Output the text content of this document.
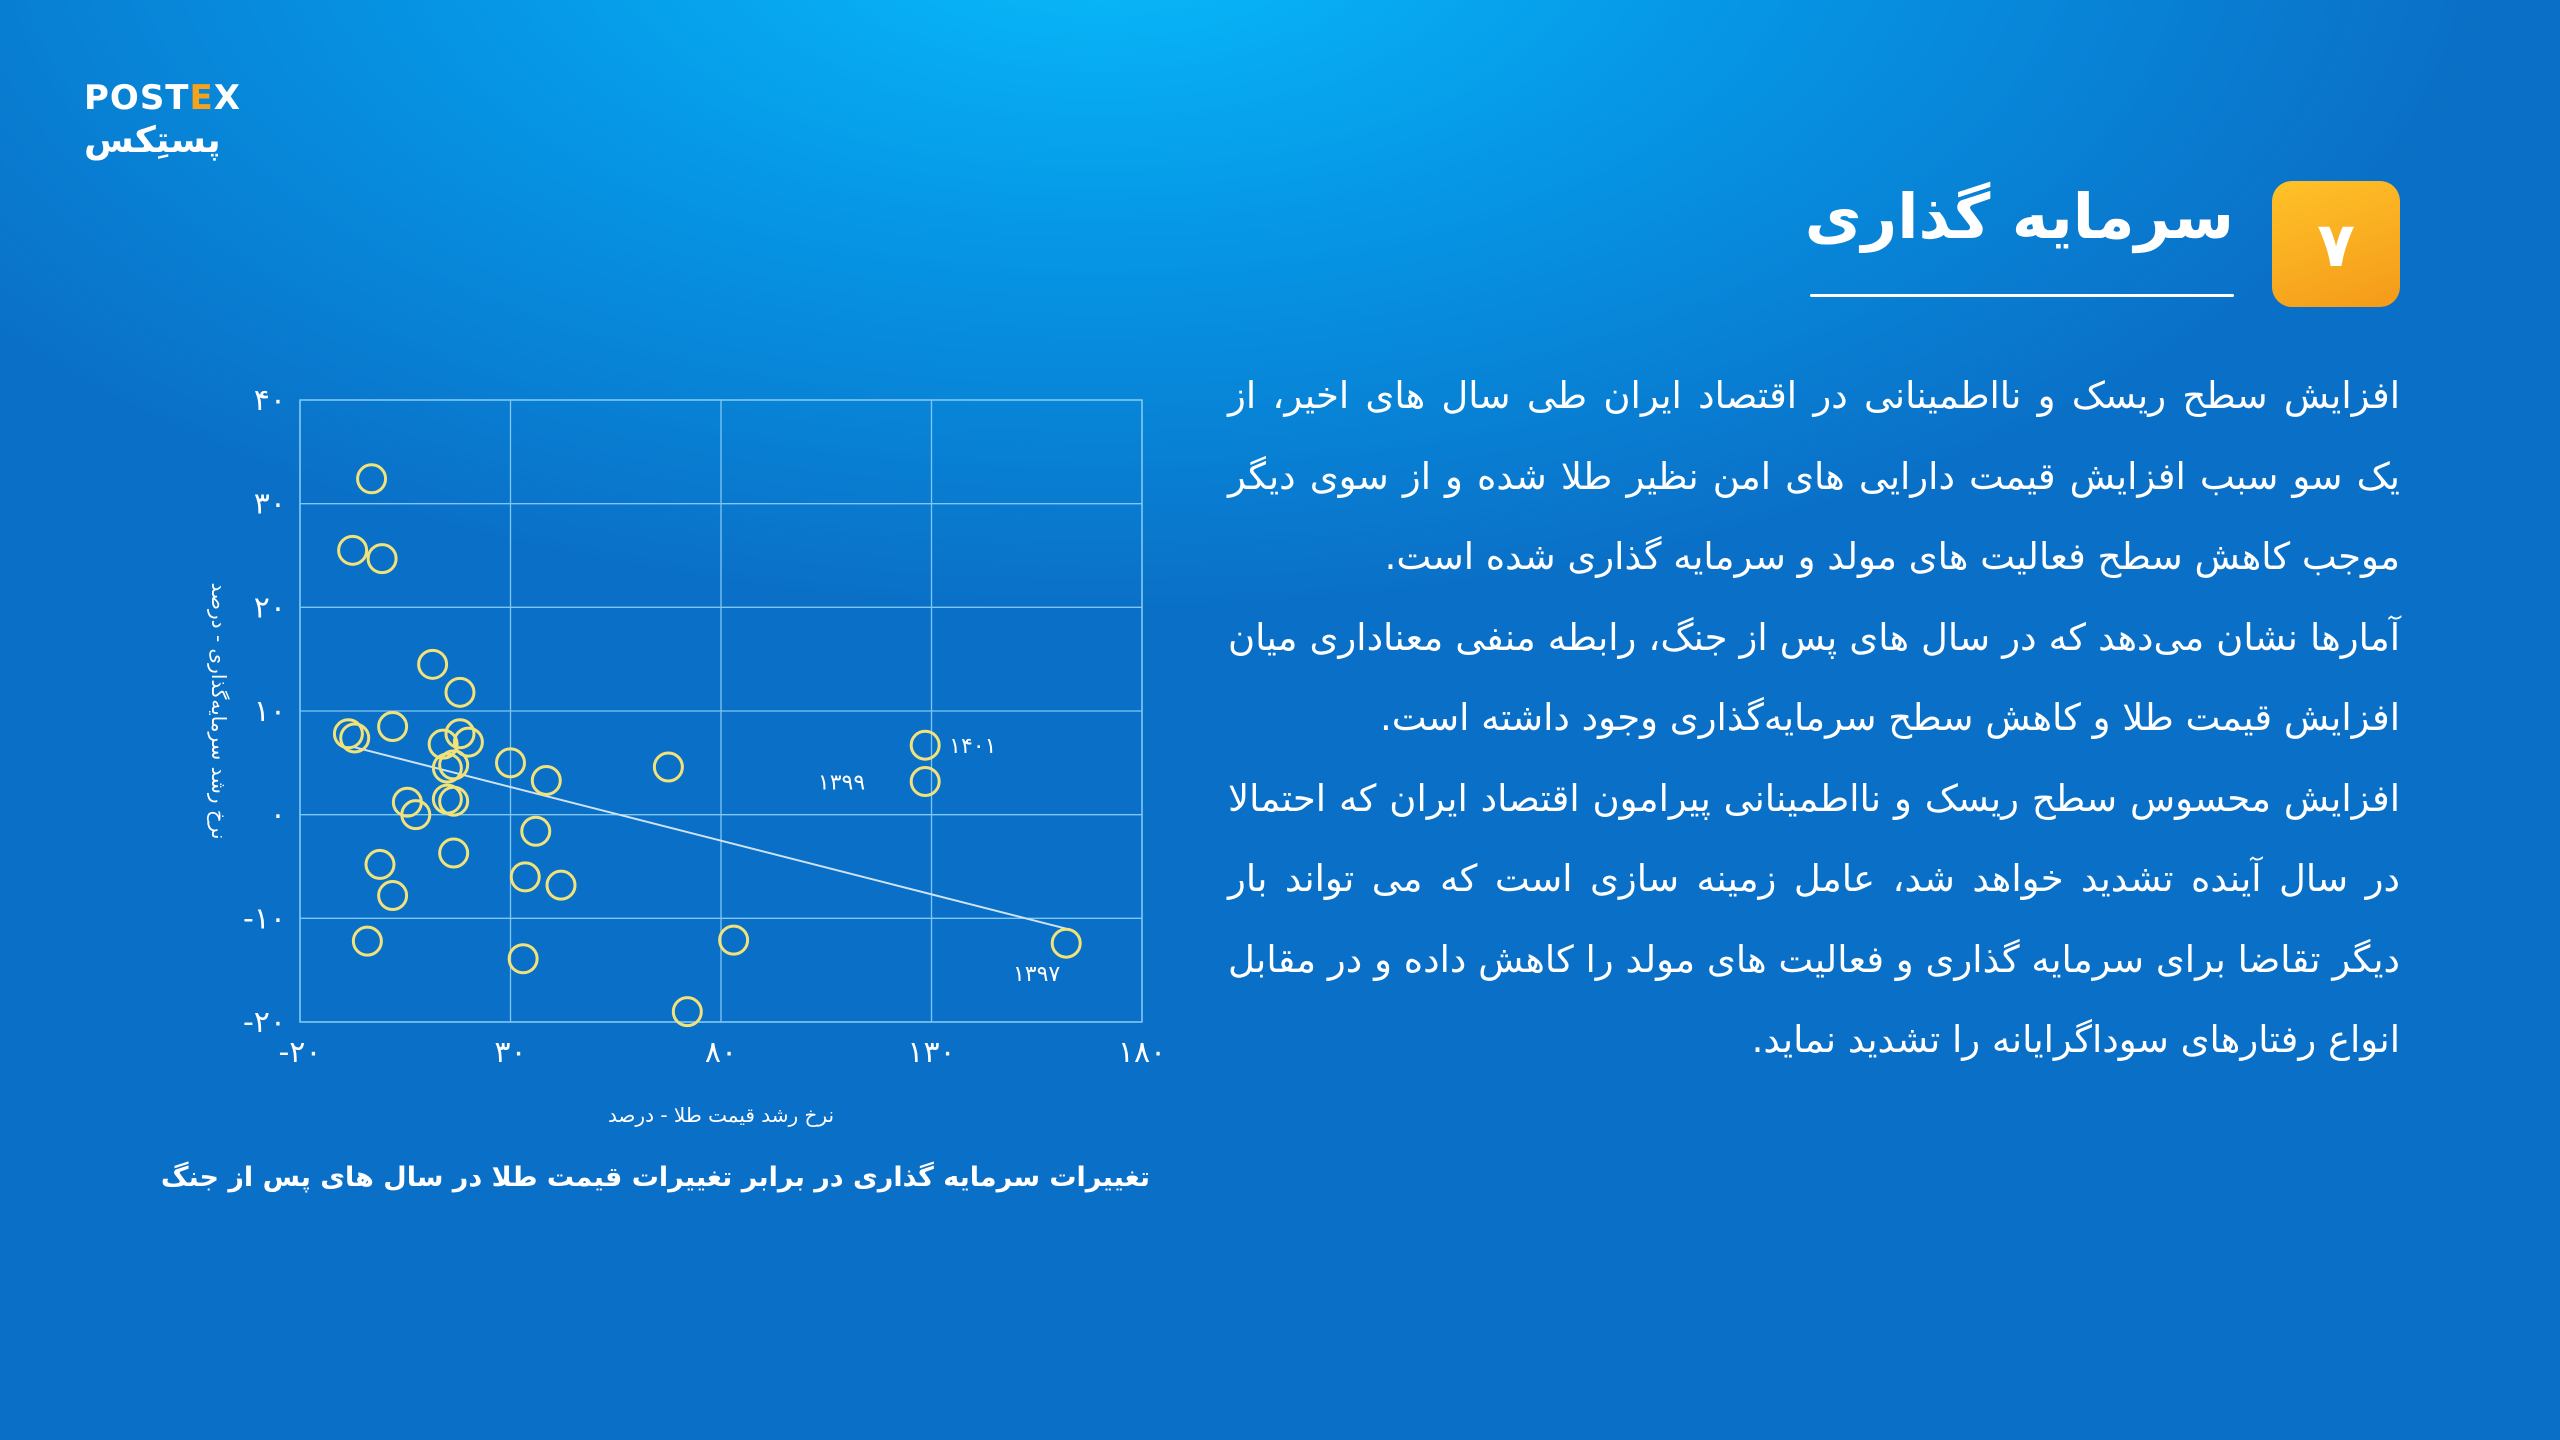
POSTEX
پستِکس
۷
سرمایه گذاری

افزایش سطح ریسک و نااطمینانی در اقتصاد ایران طی سال های اخیر، از یک سو سبب افزایش قیمت دارایی های امن نظیر طلا شده و از سوی دیگر موجب کاهش سطح فعالیت های مولد و سرمایه گذاری شده است.

آمارها نشان می‌دهد که در سال های پس از جنگ، رابطه منفی معناداری میان افزایش قیمت طلا و کاهش سطح سرمایه‌گذاری وجود داشته است.

افزایش محسوس سطح ریسک و نااطمینانی پیرامون اقتصاد ایران که احتمالا در سال آینده تشدید خواهد شد، عامل زمینه سازی است که می تواند بار دیگر تقاضا برای سرمایه گذاری و فعالیت های مولد را کاهش داده و در مقابل انواع رفتارهای سوداگرایانه را تشدید نماید.

-۲۰
-۱۰
۰
۱۰
۲۰
۳۰
۴۰
-۲۰	۳۰	۸۰	۱۳۰	۱۸۰
نرخ رشد قیمت طلا - درصد
نرخ رشد سرمایه‌گذاری - درصد	۱۴۰۱
۱۳۹۹
۱۳۹۷
تغییرات سرمایه گذاری در برابر تغییرات قیمت طلا در سال های پس از جنگ
